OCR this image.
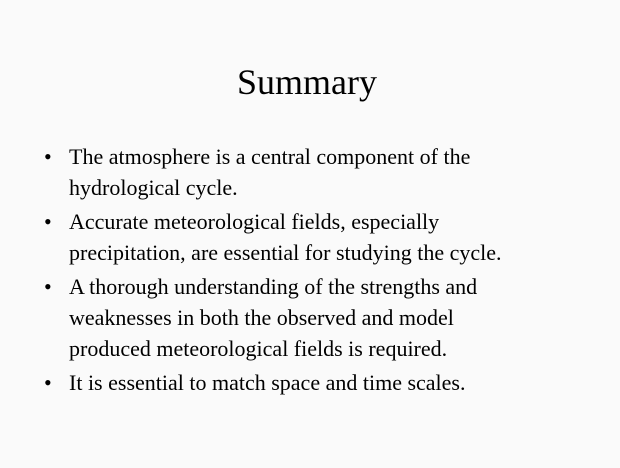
Summary
• The atmosphere is a central component of the
hydrological cycle.
• Accurate meteorological fields, especially
precipitation, are essential for studying the cycle.
• A thorough understanding of the strengths and
weaknesses in both the observed and model
produced meteorological fields is required.
• It is essential to match space and time scales.
